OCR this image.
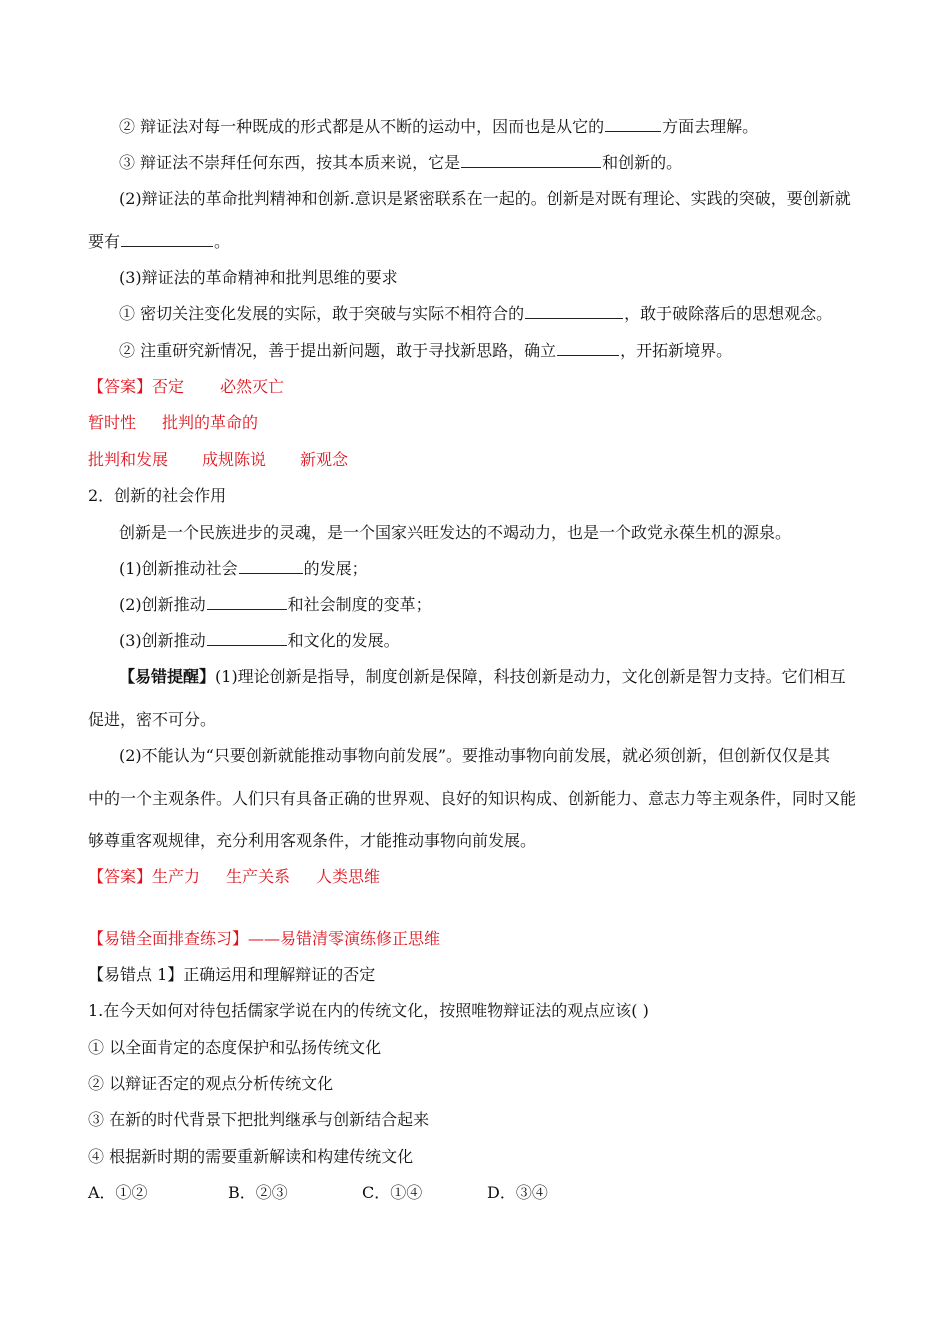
② 辩证法对每一种既成的形式都是从不断的运动中，因而也是从它的	方面去理解。
③ 辩证法不崇拜任何东西，按其本质来说，它是	和创新的。
(2)辩证法的革命批判精神和创新.意识是紧密联系在一起的。创新是对既有理论、实践的突破，要创新就
要有	。
(3)辩证法的革命精神和批判思维的要求
① 密切关注变化发展的实际，敢于突破与实际不相符合的	，敢于破除落后的思想观念。
② 注重研究新情况，善于提出新问题，敢于寻找新思路，确立	，开拓新境界。
【答案】否定 必然灭亡
暂时性 批判的革命的
批判和发展 成规陈说 新观念
2．创新的社会作用
创新是一个民族进步的灵魂，是一个国家兴旺发达的不竭动力，也是一个政党永葆生机的源泉。
(1)创新推动社会	的发展；
(2)创新推动	和社会制度的变革；
(3)创新推动	和文化的发展。
【易错提醒】(1)理论创新是指导，制度创新是保障，科技创新是动力，文化创新是智力支持。它们相互
促进，密不可分。
(2)不能认为“只要创新就能推动事物向前发展”。要推动事物向前发展，就必须创新，但创新仅仅是其
中的一个主观条件。人们只有具备正确的世界观、良好的知识构成、创新能力、意志力等主观条件，同时又能
够尊重客观规律，充分利用客观条件，才能推动事物向前发展。
【答案】生产力 生产关系 人类思维
【易错全面排查练习】——易错清零演练修正思维
【易错点 1】正确运用和理解辩证的否定
1.在今天如何对待包括儒家学说在内的传统文化，按照唯物辩证法的观点应该( )
① 以全面肯定的态度保护和弘扬传统文化
② 以辩证否定的观点分析传统文化
③ 在新的时代背景下把批判继承与创新结合起来
④ 根据新时期的需要重新解读和构建传统文化
A．①②	B．②③	C．①④	D．③④
